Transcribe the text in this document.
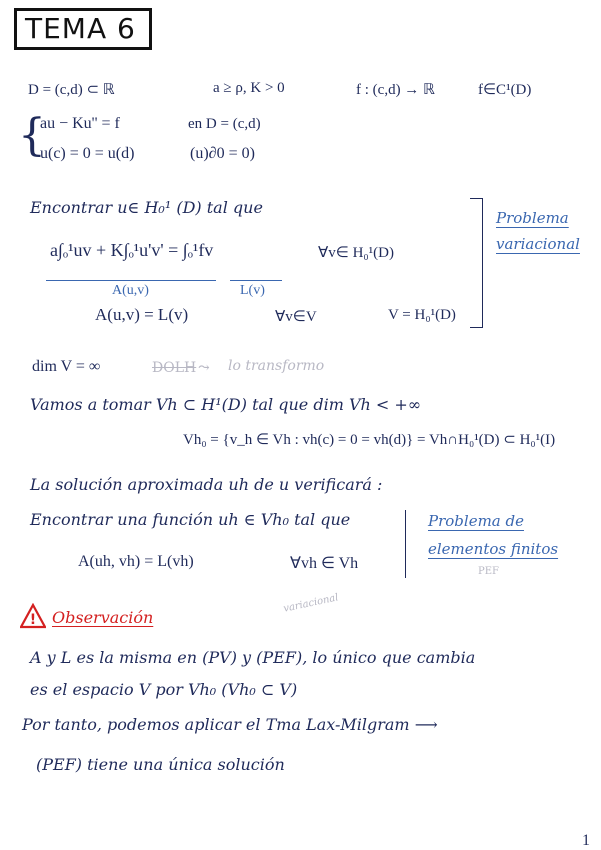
TEMA 6
D = (c,d) ⊂ ℝ	a ≥ ρ, K > 0	f : (c,d) → ℝ	f∈C¹(D)
{
au − Ku'' = f	en D = (c,d)
u(c) = 0 = u(d)	(u)∂0 = 0)
Encontrar u∈ H₀¹ (D) tal que
a∫ₒ¹uv + K∫ₒ¹u'v' = ∫ₒ¹fv	∀v∈ H₀¹(D)
A(u,v)	L(v)
A(u,v) = L(v)	∀v∈V	V = H₀¹(D)
Problema variacional
dim V = ∞	DOLH ⤳ lo transformo
Vamos a tomar Vh ⊂ H¹(D) tal que dim Vh < +∞
Vh₀ = {v_h ∈ Vh : vh(c) = 0 = vh(d)} = Vh∩H₀¹(D) ⊂ H₀¹(I)
La solución aproximada uh de u verificará :
Encontrar una función uh ∈ Vh₀ tal que
A(uh, vh) = L(vh)	∀vh ∈ Vh
Problema de
elementos finitos
PEF
! Observación
variacional
A y L es la misma en (PV) y (PEF), lo único que cambia
es el espacio V por Vh₀ (Vh₀ ⊂ V)
Por tanto, podemos aplicar el Tma Lax-Milgram ⟶
(PEF) tiene una única solución
1
